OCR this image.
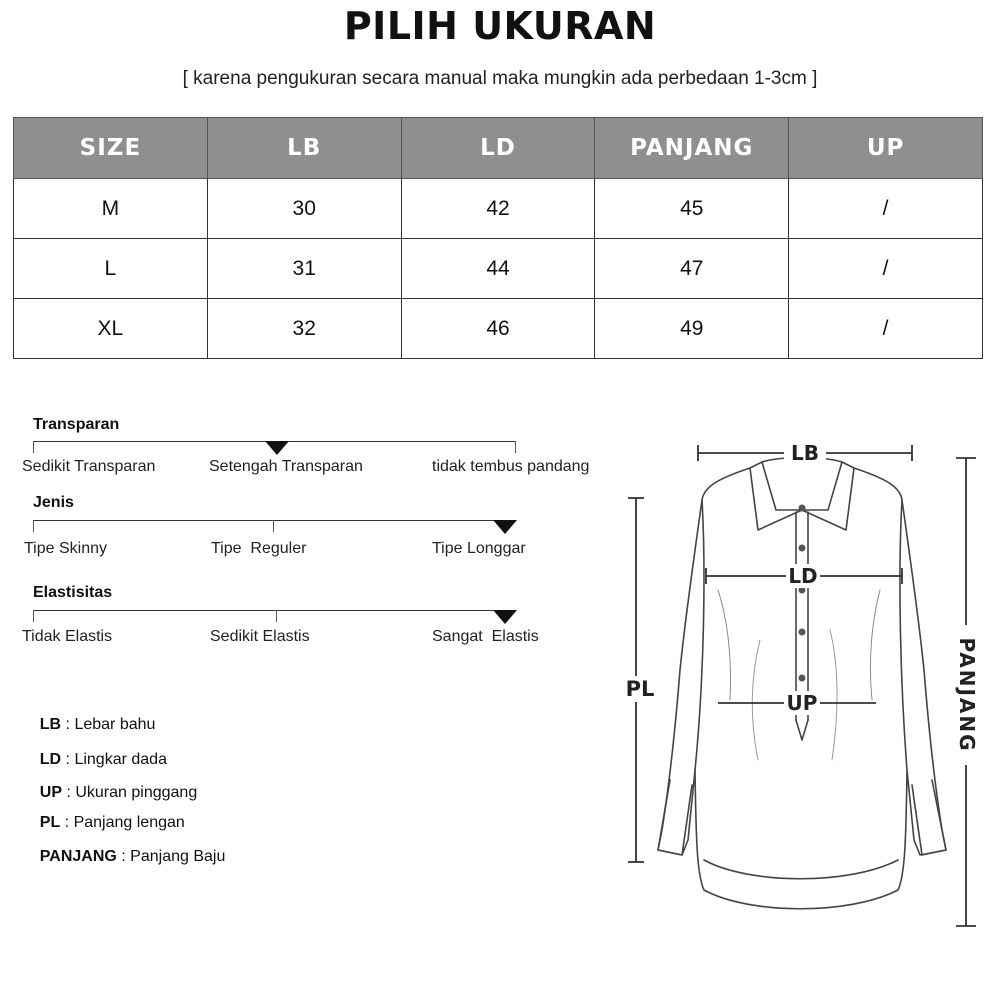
PILIH UKURAN
[ karena pengukuran secara manual maka mungkin ada perbedaan 1-3cm ]
SIZE	LB	LD	PANJANG	UP
M	30	42	45	/
L	31	44	47	/
XL	32	46	49	/
Transparan
Sedikit Transparan	Setengah Transparan	tidak tembus pandang
Jenis
Tipe Skinny	Tipe  Reguler	Tipe Longgar
Elastisitas
Tidak Elastis	Sedikit Elastis	Sangat  Elastis

LB : Lebar bahu

LD : Lingkar dada

UP : Ukuran pinggang

PL : Panjang lengan

PANJANG : Panjang Baju

LB
LD
UP
PL	PANJANG
